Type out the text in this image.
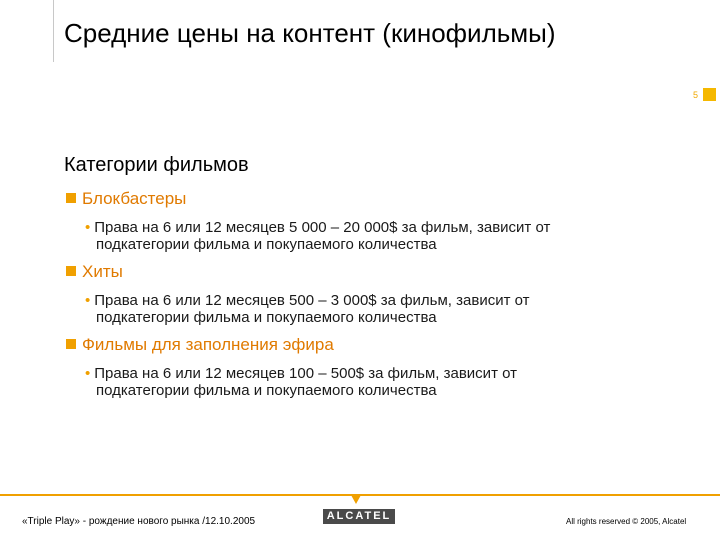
Средние цены на контент (кинофильмы)
5
Категории фильмов
Блокбастеры
• Права на 6 или 12 месяцев 5 000 – 20 000$ за фильм, зависит от
подкатегории фильма и покупаемого количества
Хиты
• Права на 6 или 12 месяцев 500 – 3 000$ за фильм, зависит от
подкатегории фильма и покупаемого количества
Фильмы для заполнения эфира
• Права на 6 или 12 месяцев 100 – 500$ за фильм, зависит от
подкатегории фильма и покупаемого количества
«Triple Play» - рождение нового рынка /12.10.2005	ALCATEL	All rights reserved © 2005, Alcatel
